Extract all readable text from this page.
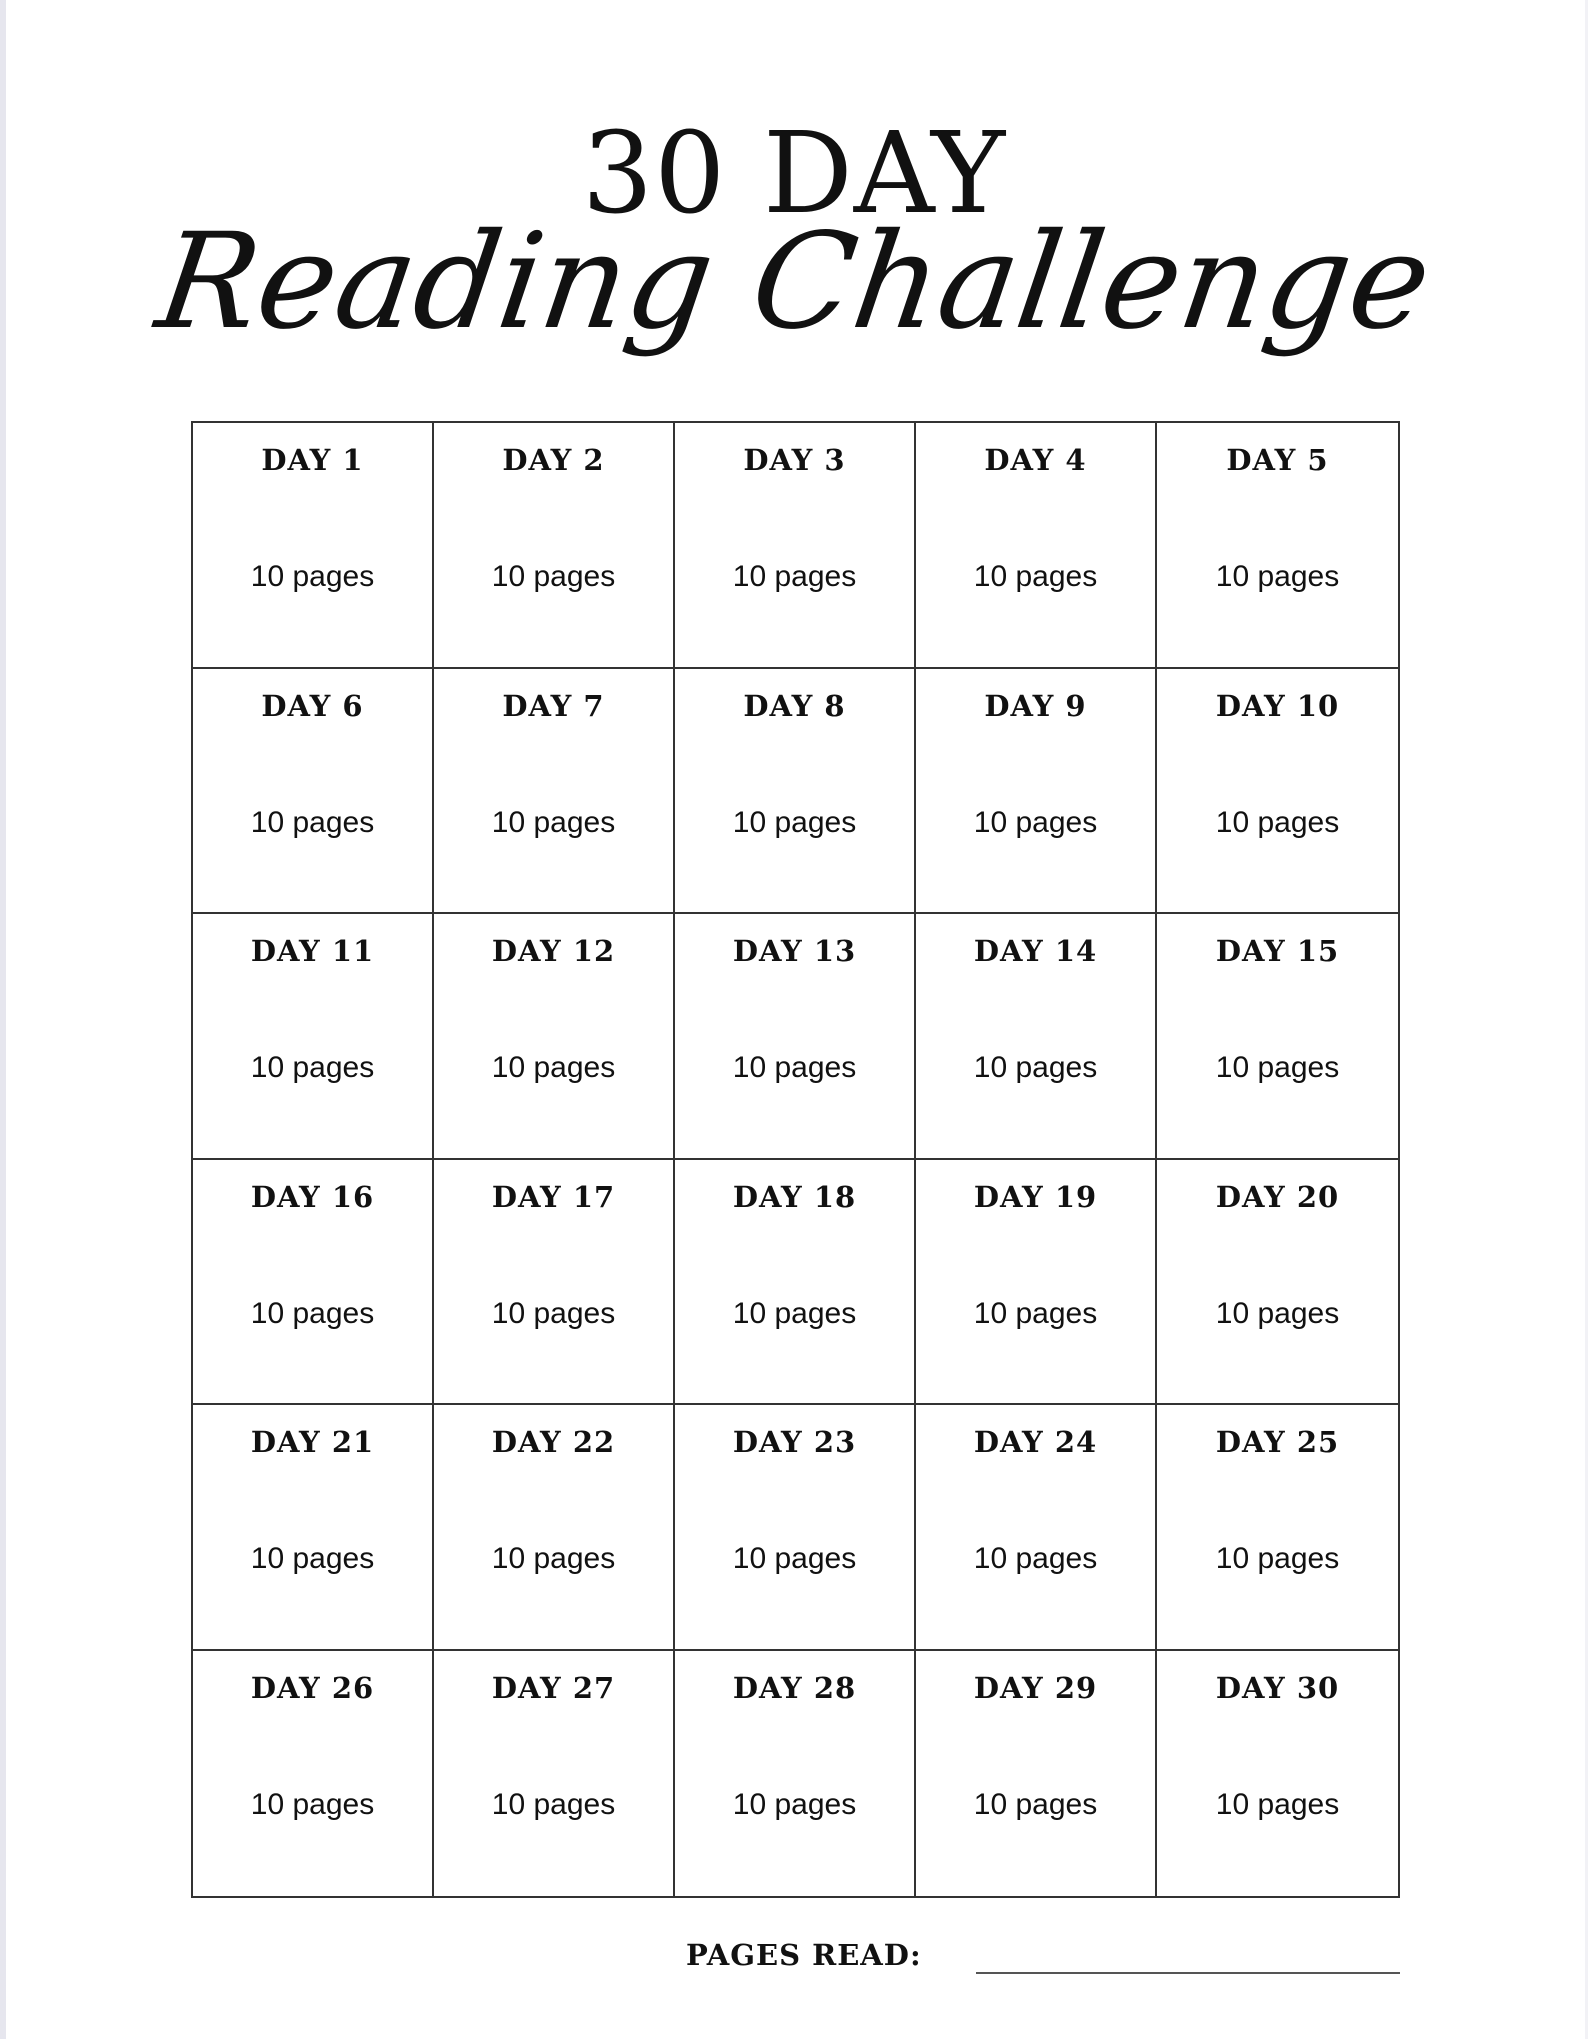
30 DAY
Reading Challenge
DAY 1
10 pages
DAY 2
10 pages
DAY 3
10 pages
DAY 4
10 pages
DAY 5
10 pages
DAY 6
10 pages
DAY 7
10 pages
DAY 8
10 pages
DAY 9
10 pages
DAY 10
10 pages
DAY 11
10 pages
DAY 12
10 pages
DAY 13
10 pages
DAY 14
10 pages
DAY 15
10 pages
DAY 16
10 pages
DAY 17
10 pages
DAY 18
10 pages
DAY 19
10 pages
DAY 20
10 pages
DAY 21
10 pages
DAY 22
10 pages
DAY 23
10 pages
DAY 24
10 pages
DAY 25
10 pages
DAY 26
10 pages
DAY 27
10 pages
DAY 28
10 pages
DAY 29
10 pages
DAY 30
10 pages
PAGES READ:
